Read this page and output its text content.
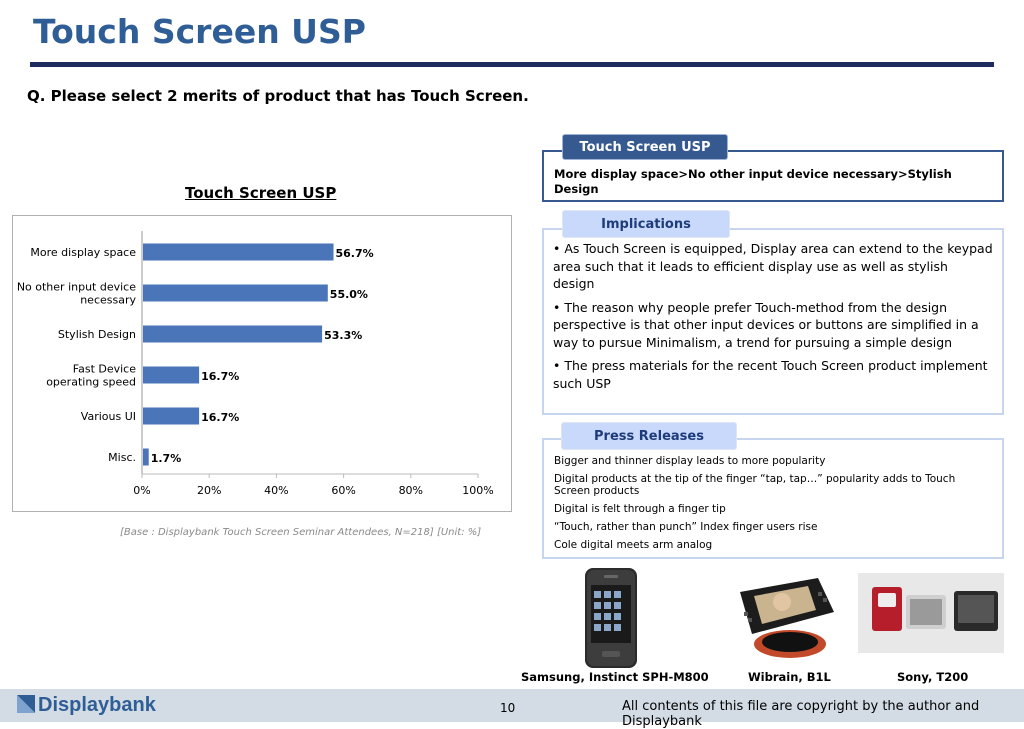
Touch Screen USP
Q. Please select 2 merits of product that has Touch Screen.
Touch Screen USP
56.7%
More display space
55.0%
No other input device necessary
53.3%
Stylish Design
16.7%
Fast Device operating speed
16.7%
Various UI
1.7%
Misc.
0%	20%	40%	60%	80%	100%
[Base : Displaybank Touch Screen Seminar Attendees, N=218] [Unit: %]
Touch Screen USP
More display space>No other input device necessary>Stylish Design
Implications

• As Touch Screen is equipped, Display area can extend to the keypad area such that it leads to efficient display use as well as stylish design

• The reason why people prefer Touch-method from the design perspective is that other input devices or buttons are simplified in a way to pursue Minimalism, a trend for pursuing a simple design

• The press materials for the recent Touch Screen product implement such USP

Press Releases

Bigger and thinner display leads to more popularity

Digital products at the tip of the finger “tap, tap…” popularity adds to Touch Screen products

Digital is felt through a finger tip

“Touch, rather than punch” Index finger users rise

Cole digital meets arm analog

Samsung, Instinct SPH-M800	Wibrain, B1L	Sony, T200
Displaybank	10	All contents of this file are copyright by the author and Displaybank
